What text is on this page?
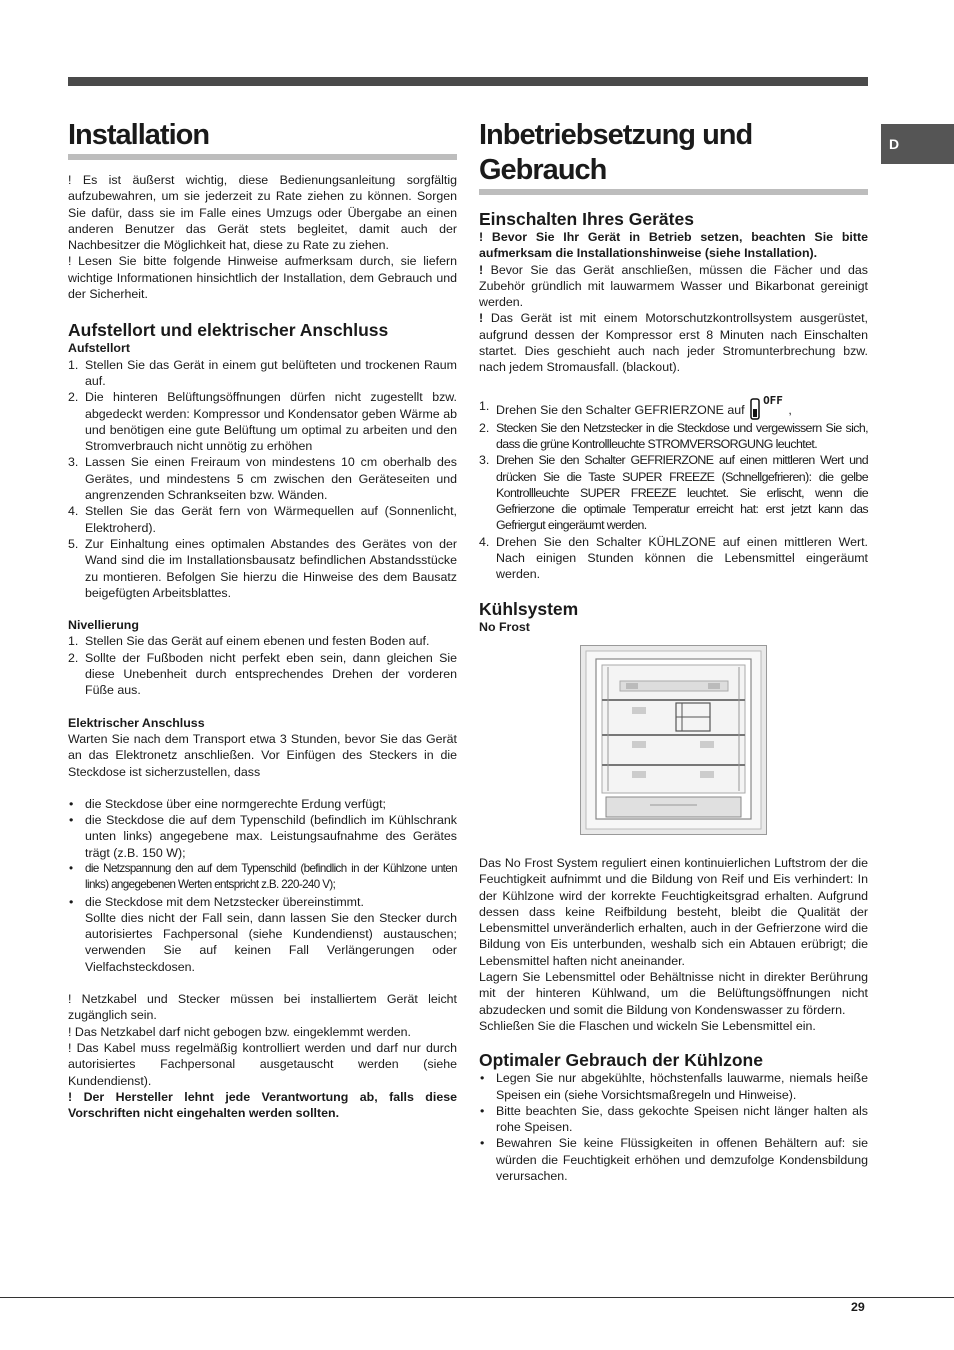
D
Installation

! Es ist äußerst wichtig, diese Bedienungsanleitung sorgfältig aufzubewahren, um sie jederzeit zu Rate ziehen zu können. Sorgen Sie dafür, dass sie im Falle eines Umzugs oder Übergabe an einen anderen Benutzer das Gerät stets begleitet, damit auch der Nachbesitzer die Möglichkeit hat, diese zu Rate zu ziehen.

! Lesen Sie bitte folgende Hinweise aufmerksam durch, sie liefern wichtige Informationen hinsichtlich der Installation, dem Gebrauch und der Sicherheit.

Aufstellort und elektrischer Anschluss
Aufstellort
1. Stellen Sie das Gerät in einem gut belüfteten und trockenen Raum auf.
2. Die hinteren Belüftungsöffnungen dürfen nicht zugestellt bzw. abgedeckt werden: Kompressor und Kondensator geben Wärme ab und benötigen eine gute Belüftung um optimal zu arbeiten und den Stromverbrauch nicht unnötig zu erhöhen
3. Lassen Sie einen Freiraum von mindestens 10 cm oberhalb des Gerätes, und mindestens 5 cm zwischen den Geräteseiten und angrenzenden Schrankseiten bzw. Wänden.
4. Stellen Sie das Gerät fern von Wärmequellen auf (Sonnenlicht, Elektroherd).
5. Zur Einhaltung eines optimalen Abstandes des Gerätes von der Wand sind die im Installationsbausatz befindlichen Abstandsstücke zu montieren. Befolgen Sie hierzu die Hinweise des dem Bausatz beigefügten Arbeitsblattes.
Nivellierung
1. Stellen Sie das Gerät auf einem ebenen und festen Boden auf.
2. Sollte der Fußboden nicht perfekt eben sein, dann gleichen Sie diese Unebenheit durch entsprechendes Drehen der vorderen Füße aus.
Elektrischer Anschluss

Warten Sie nach dem Transport etwa 3 Stunden, bevor Sie das Gerät an das Elektronetz anschließen. Vor Einfügen des Steckers in die Steckdose ist sicherzustellen, dass

• die Steckdose über eine normgerechte Erdung verfügt;
• die Steckdose die auf dem Typenschild (befindlich im Kühlschrank unten links) angegebene max. Leistungsaufnahme des Gerätes trägt (z.B. 150 W);
• die Netzspannung den auf dem Typenschild (befindlich in der Kühlzone unten links) angegebenen Werten entspricht z.B. 220-240 V);
• die Steckdose mit dem Netzstecker übereinstimmt.
Sollte dies nicht der Fall sein, dann lassen Sie den Stecker durch autorisiertes Fachpersonal (siehe Kundendienst) austauschen; verwenden Sie auf keinen Fall Verlängerungen oder Vielfachsteckdosen.

! Netzkabel und Stecker müssen bei installiertem Gerät leicht zugänglich sein.

! Das Netzkabel darf nicht gebogen bzw. eingeklemmt werden.

! Das Kabel muss regelmäßig kontrolliert werden und darf nur durch autorisiertes Fachpersonal ausgetauscht werden (siehe Kundendienst).

! Der Hersteller lehnt jede Verantwortung ab, falls diese Vorschriften nicht eingehalten werden sollten.

Inbetriebsetzung und
Gebrauch
Einschalten Ihres Gerätes

! Bevor Sie Ihr Gerät in Betrieb setzen, beachten Sie bitte aufmerksam die Installationshinweise (siehe Installation).

! Bevor Sie das Gerät anschließen, müssen die Fächer und das Zubehör gründlich mit lauwarmem Wasser und Bikarbonat gereinigt werden.

! Das Gerät ist mit einem Motorschutzkontrollsystem ausgerüstet, aufgrund dessen der Kompressor erst 8 Minuten nach Einschalten startet. Dies geschieht auch nach jeder Stromunterbrechung bzw. nach jedem Stromausfall. (blackout).

1. Drehen Sie den Schalter GEFRIERZONE auf
OFF
,
2. Stecken Sie den Netzstecker in die Steckdose und vergewissern Sie sich, dass die grüne Kontrollleuchte STROMVERSORGUNG leuchtet.
3. Drehen Sie den Schalter GEFRIERZONE auf einen mittleren Wert und drücken Sie die Taste SUPER FREEZE (Schnellgefrieren): die gelbe Kontrollleuchte SUPER FREEZE leuchtet. Sie erlischt, wenn die Gefrierzone die optimale Temperatur erreicht hat: erst jetzt kann das Gefriergut eingeräumt werden.
4. Drehen Sie den Schalter KÜHLZONE auf einen mittleren Wert. Nach einigen Stunden können die Lebensmittel eingeräumt werden.
Kühlsystem
No Frost

Das No Frost System reguliert einen kontinuierlichen Luftstrom der die Feuchtigkeit aufnimmt und die Bildung von Reif und Eis verhindert: In der Kühlzone wird der korrekte Feuchtigkeitsgrad erhalten. Aufgrund dessen dass keine Reifbildung besteht, bleibt die Qualität der Lebensmittel unveränderlich erhalten, auch in der Gefrierzone wird die Bildung von Eis unterbunden, weshalb sich ein Abtauen erübrigt; die Lebensmittel haften nicht aneinander.

Lagern Sie Lebensmittel oder Behältnisse nicht in direkter Berührung mit der hinteren Kühlwand, um die Belüftungsöffnungen nicht abzudecken und somit die Bildung von Kondenswasser zu fördern.

Schließen Sie die Flaschen und wickeln Sie Lebensmittel ein.

Optimaler Gebrauch der Kühlzone
• Legen Sie nur abgekühlte, höchstenfalls lauwarme, niemals heiße Speisen ein (siehe Vorsichtsmaßregeln und Hinweise).
• Bitte beachten Sie, dass gekochte Speisen nicht länger halten als rohe Speisen.
• Bewahren Sie keine Flüssigkeiten in offenen Behältern auf: sie würden die Feuchtigkeit erhöhen und demzufolge Kondensbildung verursachen.
29
